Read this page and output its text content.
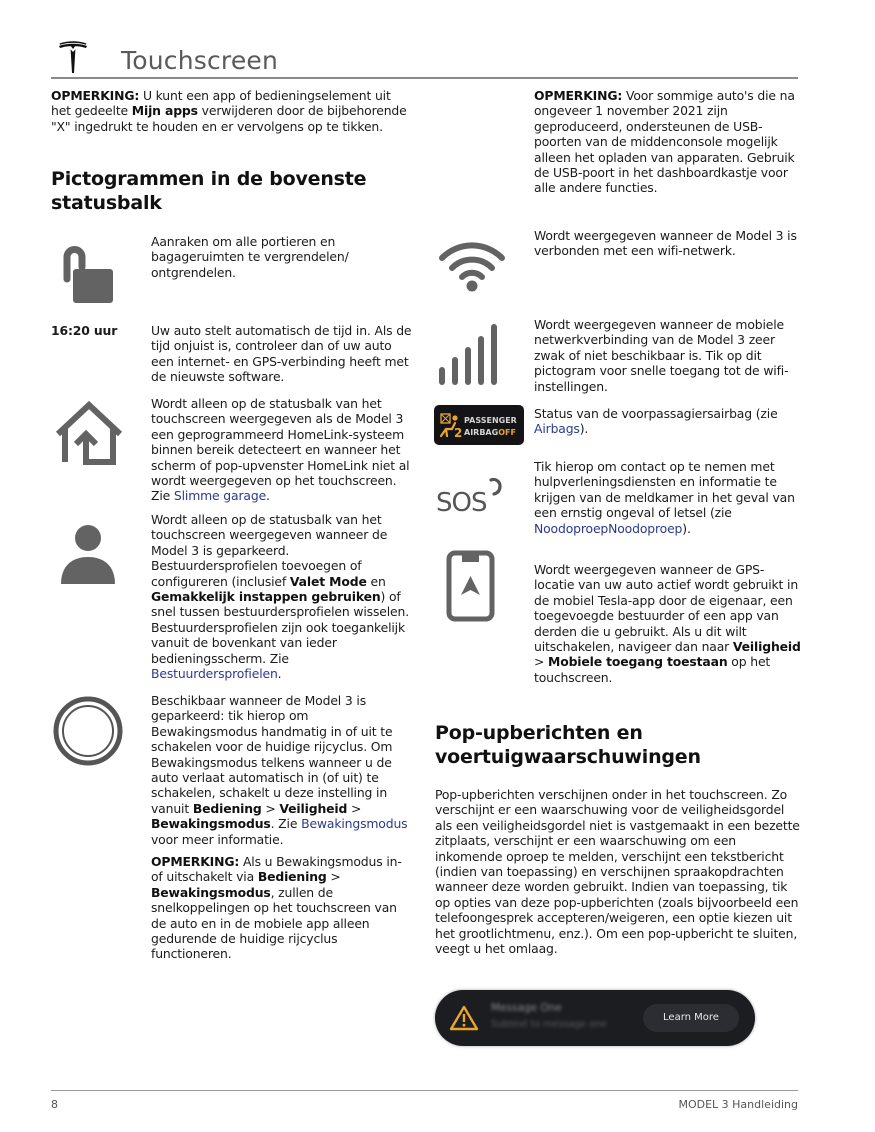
Touchscreen

OPMERKING: U kunt een app of bedieningselement uit het gedeelte Mijn apps verwijderen door de bijbehorende "X" ingedrukt te houden en er vervolgens op te tikken.

Pictogrammen in de bovenste statusbalk

Aanraken om alle portieren en bagageruimten te vergrendelen/ ontgrendelen.

16:20 uur	Uw auto stelt automatisch de tijd in. Als de tijd onjuist is, controleer dan of uw auto een internet- en GPS-verbinding heeft met de nieuwste software.

Wordt alleen op de statusbalk van het touchscreen weergegeven als de Model 3 een geprogrammeerd HomeLink-systeem binnen bereik detecteert en wanneer het scherm of pop-upvenster HomeLink niet al wordt weergegeven op het touchscreen. Zie Slimme garage.

Wordt alleen op de statusbalk van het touchscreen weergegeven wanneer de Model 3 is geparkeerd. Bestuurdersprofielen toevoegen of configureren (inclusief Valet Mode en Gemakkelijk instappen gebruiken) of snel tussen bestuurdersprofielen wisselen. Bestuurdersprofielen zijn ook toegankelijk vanuit de bovenkant van ieder bedieningsscherm. Zie Bestuurdersprofielen.

Beschikbaar wanneer de Model 3 is geparkeerd: tik hierop om Bewakingsmodus handmatig in of uit te schakelen voor de huidige rijcyclus. Om Bewakingsmodus telkens wanneer u de auto verlaat automatisch in (of uit) te schakelen, schakelt u deze instelling in vanuit Bediening > Veiligheid > Bewakingsmodus. Zie Bewakingsmodus voor meer informatie.

OPMERKING: Als u Bewakingsmodus in- of uitschakelt via Bediening > Bewakingsmodus, zullen de snelkoppelingen op het touchscreen van de auto en in de mobiele app alleen gedurende de huidige rijcyclus functioneren.

OPMERKING: Voor sommige auto's die na ongeveer 1 november 2021 zijn geproduceerd, ondersteunen de USB-poorten van de middenconsole mogelijk alleen het opladen van apparaten. Gebruik de USB-poort in het dashboardkastje voor alle andere functies.

Wordt weergegeven wanneer de Model 3 is verbonden met een wifi-netwerk.

Wordt weergegeven wanneer de mobiele netwerkverbinding van de Model 3 zeer zwak of niet beschikbaar is. Tik op dit pictogram voor snelle toegang tot de wifi-instellingen.

2
PASSENGER
AIRBAGOFF

Status van de voorpassagiersairbag (zie Airbags).

SOS

Tik hierop om contact op te nemen met hulpverleningsdiensten en informatie te krijgen van de meldkamer in het geval van een ernstig ongeval of letsel (zie NoodoproepNoodoproep).

Wordt weergegeven wanneer de GPS-locatie van uw auto actief wordt gebruikt in de mobiel Tesla-app door de eigenaar, een toegevoegde bestuurder of een app van derden die u gebruikt. Als u dit wilt uitschakelen, navigeer dan naar Veiligheid > Mobiele toegang toestaan op het touchscreen.

Pop-upberichten en voertuigwaarschuwingen

Pop-upberichten verschijnen onder in het touchscreen. Zo verschijnt er een waarschuwing voor de veiligheidsgordel als een veiligheidsgordel niet is vastgemaakt in een bezette zitplaats, verschijnt er een waarschuwing om een inkomende oproep te melden, verschijnt een tekstbericht (indien van toepassing) en verschijnen spraakopdrachten wanneer deze worden gebruikt. Indien van toepassing, tik op opties van deze pop-upberichten (zoals bijvoorbeeld een telefoongesprek accepteren/weigeren, een optie kiezen uit het grootlichtmenu, enz.). Om een pop-upbericht te sluiten, veegt u het omlaag.

Message One
Subtext to message one
Learn More
8	MODEL 3 Handleiding
